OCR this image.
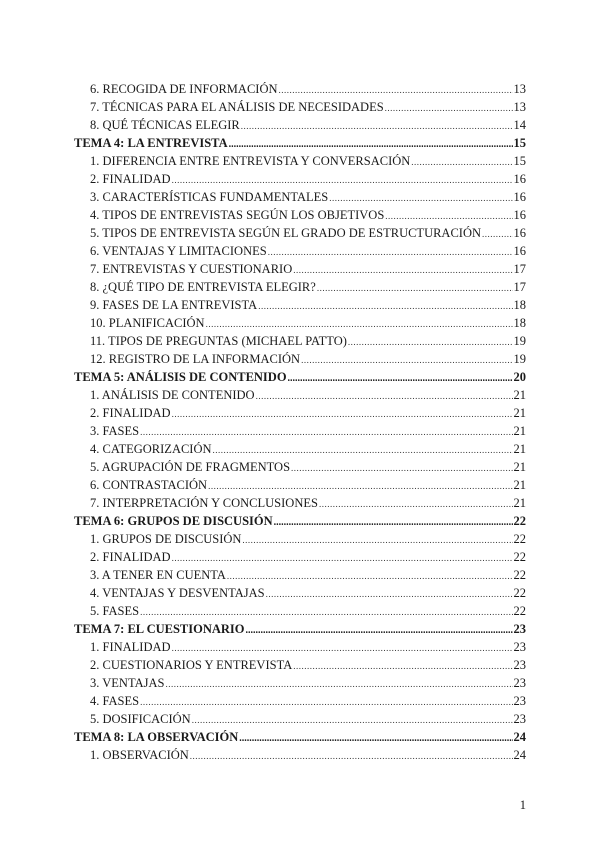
6. RECOGIDA DE INFORMACIÓN .....	13
7. TÉCNICAS PARA EL ANÁLISIS DE NECESIDADES .....	13
8. QUÉ TÉCNICAS ELEGIR .....	14
TEMA 4: LA ENTREVISTA .....	15
1. DIFERENCIA ENTRE ENTREVISTA Y CONVERSACIÓN .....	15
2. FINALIDAD .....	16
3. CARACTERÍSTICAS FUNDAMENTALES .....	16
4. TIPOS DE ENTREVISTAS SEGÚN LOS OBJETIVOS .....	16
5. TIPOS DE ENTREVISTA SEGÚN EL GRADO DE ESTRUCTURACIÓN .....	16
6. VENTAJAS Y LIMITACIONES .....	16
7. ENTREVISTAS Y CUESTIONARIO .....	17
8. ¿QUÉ TIPO DE ENTREVISTA ELEGIR? .....	17
9. FASES DE LA ENTREVISTA .....	18
10. PLANIFICACIÓN .....	18
11. TIPOS DE PREGUNTAS (MICHAEL PATTO) .....	19
12. REGISTRO DE LA INFORMACIÓN .....	19
TEMA 5: ANÁLISIS DE CONTENIDO .....	20
1. ANÁLISIS DE CONTENIDO .....	21
2. FINALIDAD .....	21
3. FASES .....	21
4. CATEGORIZACIÓN .....	21
5. AGRUPACIÓN DE FRAGMENTOS .....	21
6. CONTRASTACIÓN .....	21
7. INTERPRETACIÓN Y CONCLUSIONES .....	21
TEMA 6: GRUPOS DE DISCUSIÓN .....	22
1. GRUPOS DE DISCUSIÓN .....	22
2. FINALIDAD .....	22
3. A TENER EN CUENTA .....	22
4. VENTAJAS Y DESVENTAJAS .....	22
5. FASES .....	22
TEMA 7: EL CUESTIONARIO .....	23
1. FINALIDAD .....	23
2. CUESTIONARIOS Y ENTREVISTA .....	23
3. VENTAJAS .....	23
4. FASES .....	23
5. DOSIFICACIÓN .....	23
TEMA 8: LA OBSERVACIÓN .....	24
1. OBSERVACIÓN .....	24
1
